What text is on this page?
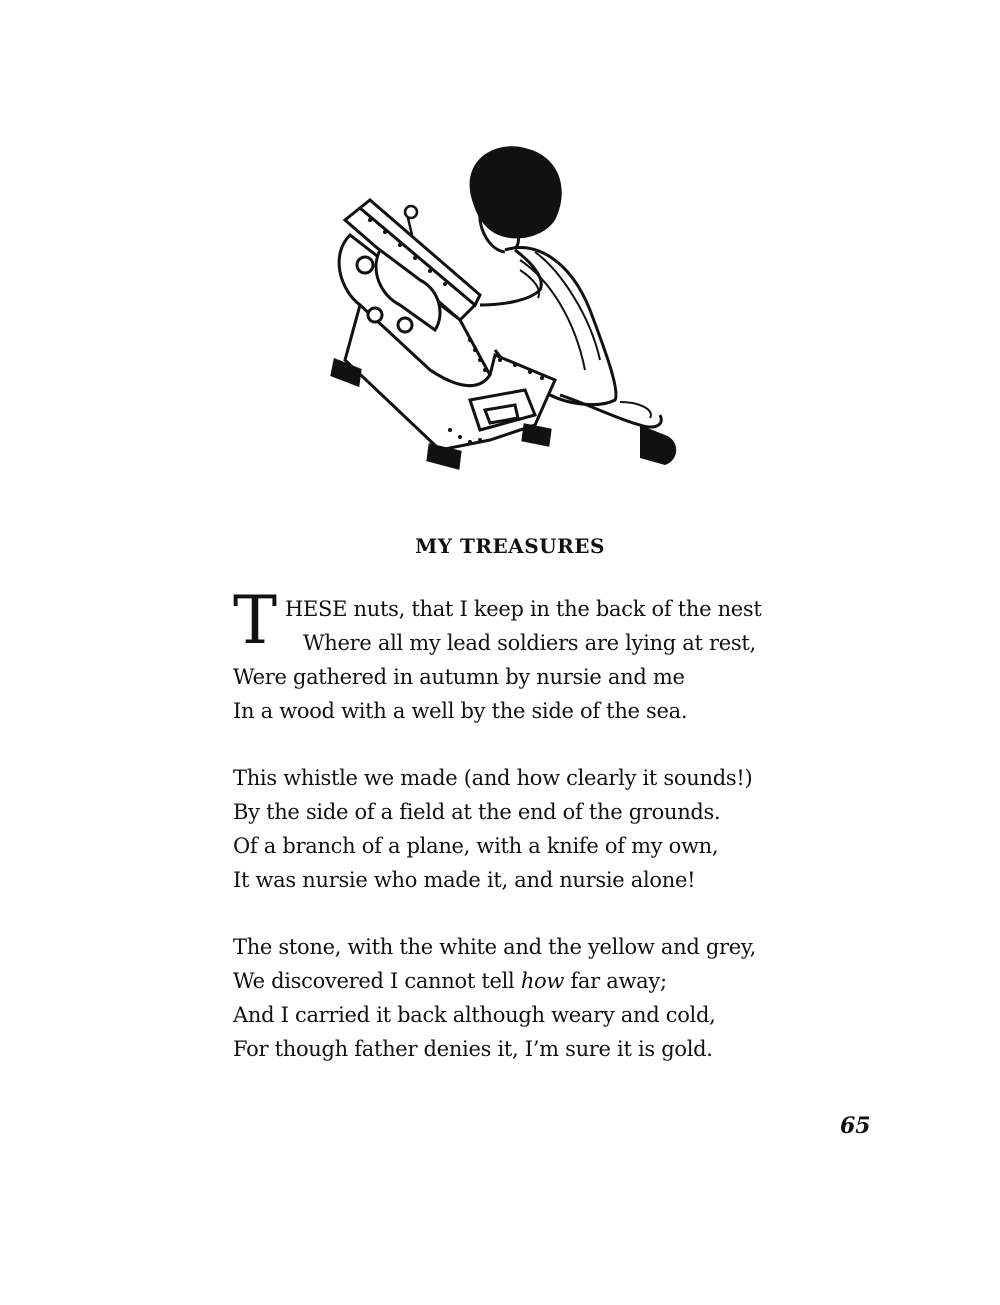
MY TREASURES
T HESE nuts, that I keep in the back of the nest
Where all my lead soldiers are lying at rest,
Were gathered in autumn by nursie and me
In a wood with a well by the side of the sea.
This whistle we made (and how clearly it sounds!)
By the side of a field at the end of the grounds.
Of a branch of a plane, with a knife of my own,
It was nursie who made it, and nursie alone!
The stone, with the white and the yellow and grey,
We discovered I cannot tell how far away;
And I carried it back although weary and cold,
For though father denies it, I’m sure it is gold.
65
